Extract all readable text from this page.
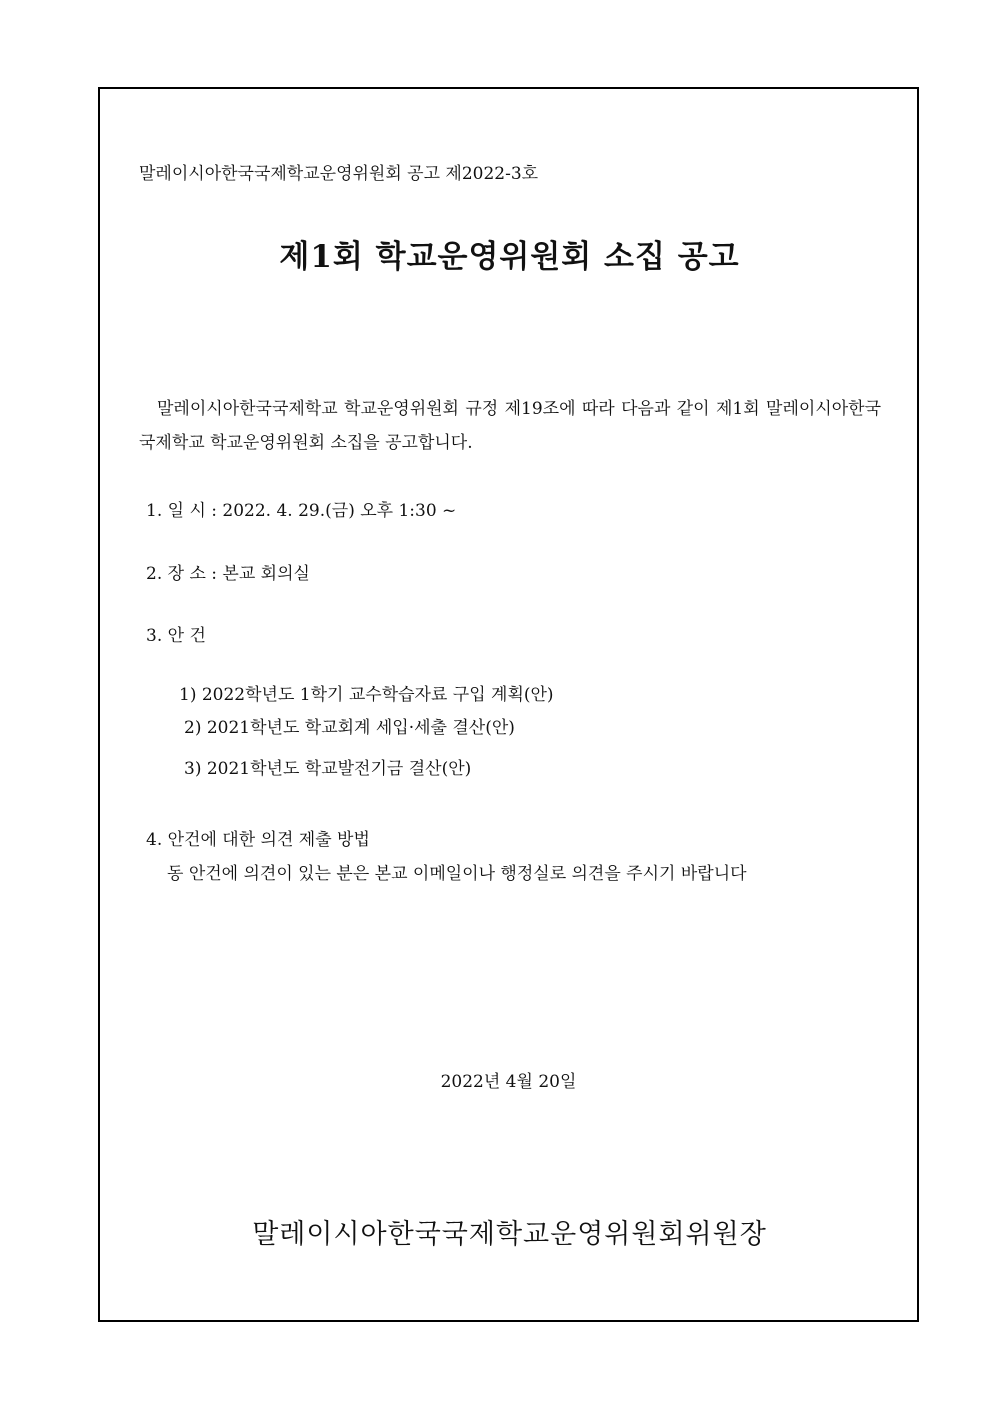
말레이시아한국국제학교운영위원회 공고 제2022-3호
제1회 학교운영위원회 소집 공고
말레이시아한국국제학교 학교운영위원회 규정 제19조에 따라 다음과 같이 제1회 말레이시아한국국제학교 학교운영위원회 소집을 공고합니다.
1. 일 시 : 2022. 4. 29.(금) 오후 1:30 ~
2. 장 소 : 본교 회의실
3. 안 건
1) 2022학년도 1학기 교수학습자료 구입 계획(안)
2) 2021학년도 학교회계 세입·세출 결산(안)
3) 2021학년도 학교발전기금 결산(안)
4. 안건에 대한 의견 제출 방법
동 안건에 의견이 있는 분은 본교 이메일이나 행정실로 의견을 주시기 바랍니다
2022년 4월 20일
말레이시아한국국제학교운영위원회위원장
